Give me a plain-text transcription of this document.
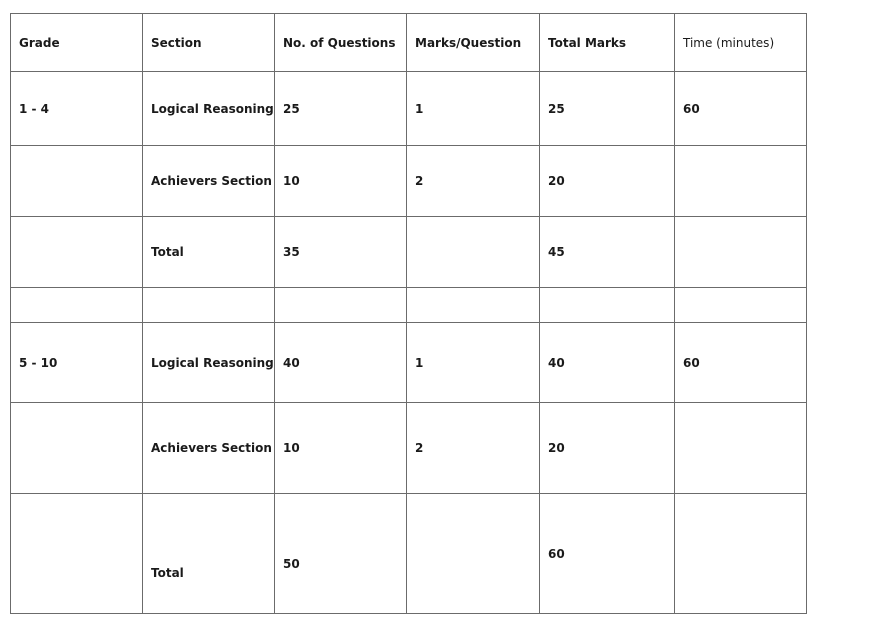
Grade	Section	No. of Questions	Marks/Question	Total Marks	Time (minutes)
1 - 4	Logical Reasoning	25	1	25	60
	Achievers Section	10	2	20	
	Total	35		45	

5 - 10	Logical Reasoning	40	1	40	60
	Achievers Section	10	2	20	

	Total	50		60	
